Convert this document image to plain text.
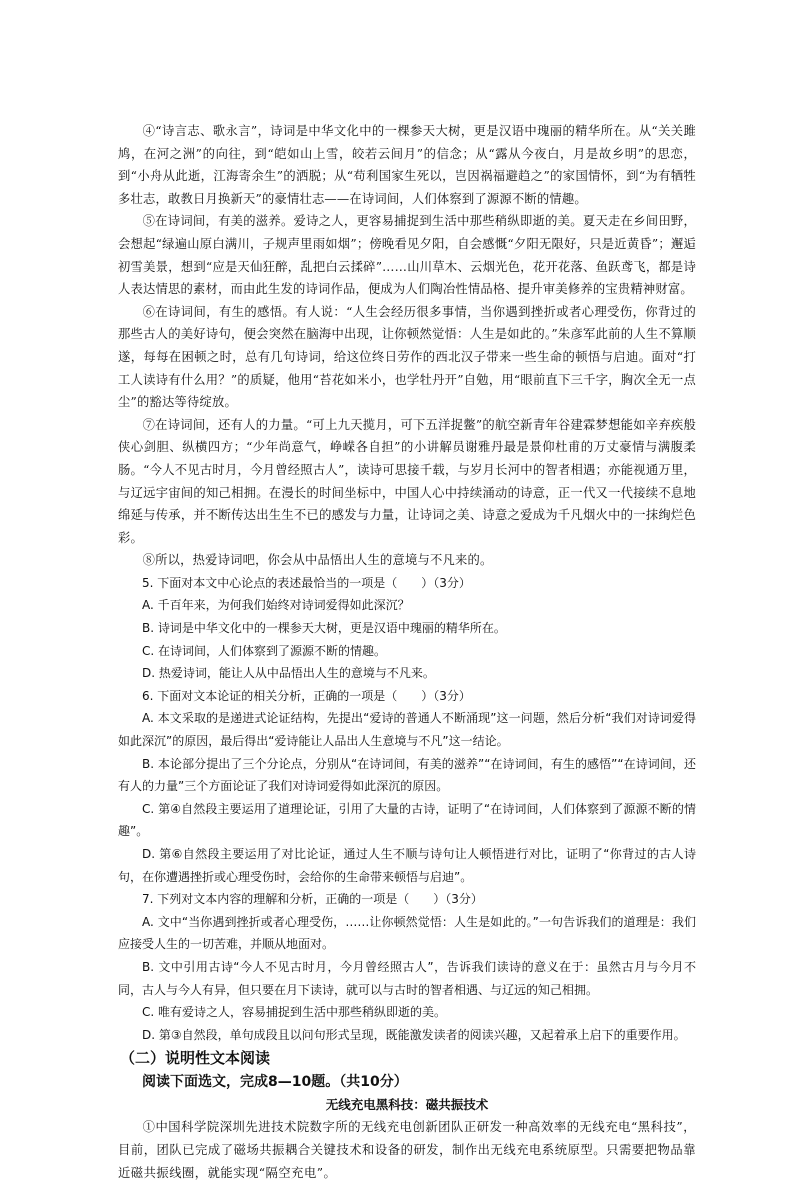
④“诗言志、歌永言”，诗词是中华文化中的一棵参天大树，更是汉语中瑰丽的精华所在。从“关关雎鸠，在河之洲”的向往，到“皑如山上雪，皎若云间月”的信念；从“露从今夜白，月是故乡明”的思恋，到“小舟从此逝，江海寄余生”的洒脱；从“苟利国家生死以，岂因祸福避趋之”的家国情怀，到“为有牺牲多壮志，敢教日月换新天”的豪情壮志——在诗词间，人们体察到了源源不断的情趣。

⑤在诗词间，有美的滋养。爱诗之人，更容易捕捉到生活中那些稍纵即逝的美。夏天走在乡间田野，会想起“绿遍山原白满川，子规声里雨如烟”；傍晚看见夕阳，自会感慨“夕阳无限好，只是近黄昏”；邂逅初雪美景，想到“应是天仙狂醉，乱把白云揉碎”……山川草木、云烟光色，花开花落、鱼跃鸢飞，都是诗人表达情思的素材，而由此生发的诗词作品，便成为人们陶冶性情品格、提升审美修养的宝贵精神财富。

⑥在诗词间，有生的感悟。有人说：“人生会经历很多事情，当你遇到挫折或者心理受伤，你背过的那些古人的美好诗句，便会突然在脑海中出现，让你顿然觉悟：人生是如此的。”朱彦军此前的人生不算顺遂，每每在困顿之时，总有几句诗词，给这位终日劳作的西北汉子带来一些生命的顿悟与启迪。面对“打工人读诗有什么用？”的质疑，他用“苔花如米小，也学牡丹开”自勉，用“眼前直下三千字，胸次全无一点尘”的豁达等待绽放。

⑦在诗词间，还有人的力量。“可上九天揽月，可下五洋捉鳖”的航空新青年谷建霖梦想能如辛弃疾般侠心剑胆、纵横四方；“少年尚意气，峥嵘各自担”的小讲解员谢雅丹最是景仰杜甫的万丈豪情与满腹柔肠。“今人不见古时月，今月曾经照古人”，读诗可思接千载，与岁月长河中的智者相遇；亦能视通万里，与辽远宇宙间的知己相拥。在漫长的时间坐标中，中国人心中持续涌动的诗意，正一代又一代接续不息地绵延与传承，并不断传达出生生不已的感发与力量，让诗词之美、诗意之爱成为千凡烟火中的一抹绚烂色彩。

⑧所以，热爱诗词吧，你会从中品悟出人生的意境与不凡来的。

5. 下面对本文中心论点的表述最恰当的一项是（　　）（3分）

A. 千百年来，为何我们始终对诗词爱得如此深沉？

B. 诗词是中华文化中的一棵参天大树，更是汉语中瑰丽的精华所在。

C. 在诗词间，人们体察到了源源不断的情趣。

D. 热爱诗词，能让人从中品悟出人生的意境与不凡来。

6. 下面对文本论证的相关分析，正确的一项是（　　）（3分）

A. 本文采取的是递进式论证结构，先提出“爱诗的普通人不断涌现”这一问题，然后分析“我们对诗词爱得如此深沉”的原因，最后得出“爱诗能让人品出人生意境与不凡”这一结论。

B. 本论部分提出了三个分论点，分别从“在诗词间，有美的滋养”“在诗词间，有生的感悟”“在诗词间，还有人的力量”三个方面论证了我们对诗词爱得如此深沉的原因。

C. 第④自然段主要运用了道理论证，引用了大量的古诗，证明了“在诗词间，人们体察到了源源不断的情趣”。

D. 第⑥自然段主要运用了对比论证，通过人生不顺与诗句让人顿悟进行对比，证明了“你背过的古人诗句，在你遭遇挫折或心理受伤时，会给你的生命带来顿悟与启迪”。

7. 下列对文本内容的理解和分析，正确的一项是（　　）（3分）

A. 文中“当你遇到挫折或者心理受伤，……让你顿然觉悟：人生是如此的。”一句告诉我们的道理是：我们应接受人生的一切苦难，并顺从地面对。

B. 文中引用古诗“今人不见古时月，今月曾经照古人”，告诉我们读诗的意义在于：虽然古月与今月不同，古人与今人有异，但只要在月下读诗，就可以与古时的智者相遇、与辽远的知己相拥。

C. 唯有爱诗之人，容易捕捉到生活中那些稍纵即逝的美。

D. 第③自然段，单句成段且以问句形式呈现，既能激发读者的阅读兴趣，又起着承上启下的重要作用。

（二）说明性文本阅读

阅读下面选文，完成8—10题。（共10分）

无线充电黑科技：磁共振技术

①中国科学院深圳先进技术院数字所的无线充电创新团队正研发一种高效率的无线充电“黑科技”，目前，团队已完成了磁场共振耦合关键技术和设备的研发，制作出无线充电系统原型。只需要把物品靠近磁共振线圈，就能实现“隔空充电”。
